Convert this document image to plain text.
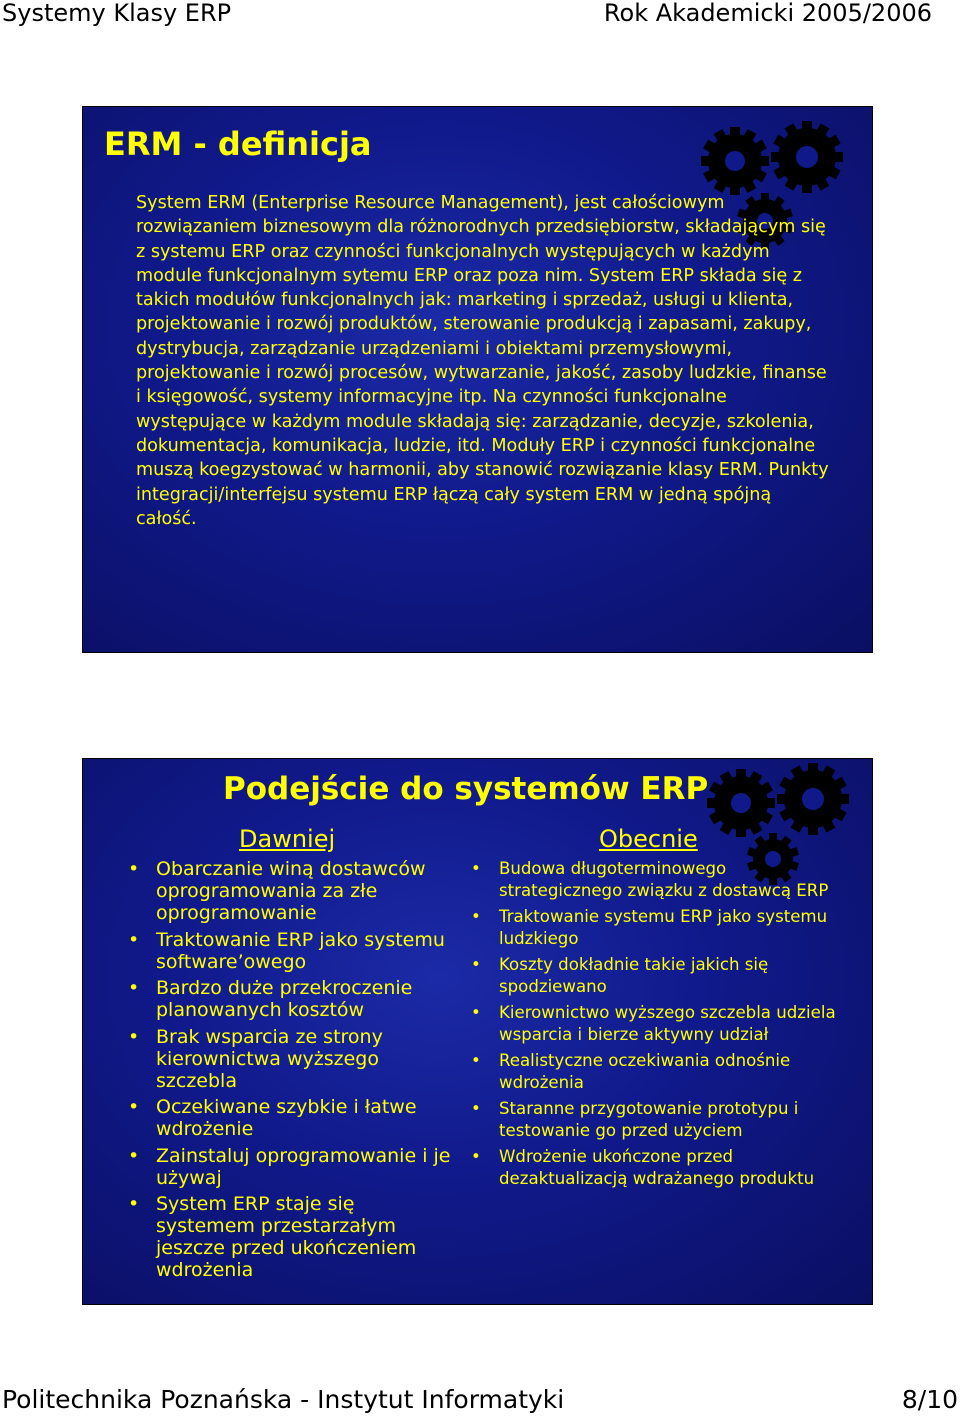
Systemy Klasy ERP	Rok Akademicki 2005/2006
ERM - definicja

System ERM (Enterprise Resource Management), jest całościowym rozwiązaniem biznesowym dla różnorodnych przedsiębiorstw, składającym się z systemu ERP oraz czynności funkcjonalnych występujących w każdym module funkcjonalnym sytemu ERP oraz poza nim. System ERP składa się z takich modułów funkcjonalnych jak: marketing i sprzedaż, usługi u klienta, projektowanie i rozwój produktów, sterowanie produkcją i zapasami, zakupy, dystrybucja, zarządzanie urządzeniami i obiektami przemysłowymi, projektowanie i rozwój procesów, wytwarzanie, jakość, zasoby ludzkie, finanse i księgowość, systemy informacyjne itp. Na czynności funkcjonalne występujące w każdym module składają się: zarządzanie, decyzje, szkolenia, dokumentacja, komunikacja, ludzie, itd. Moduły ERP i czynności funkcjonalne muszą koegzystować w harmonii, aby stanowić rozwiązanie klasy ERM. Punkty integracji/interfejsu systemu ERP łączą cały system ERM w jedną spójną całość.

Podejście do systemów ERP
Dawniej	Obecnie
• Obarczanie winą dostawców oprogramowania za złe oprogramowanie
• Traktowanie ERP jako systemu software’owego
• Bardzo duże przekroczenie planowanych kosztów
• Brak wsparcia ze strony kierownictwa wyższego szczebla
• Oczekiwane szybkie i łatwe wdrożenie
• Zainstaluj oprogramowanie i je używaj
• System ERP staje się systemem przestarzałym jeszcze przed ukończeniem wdrożenia
• Budowa długoterminowego strategicznego związku z dostawcą ERP
• Traktowanie systemu ERP jako systemu ludzkiego
• Koszty dokładnie takie jakich się spodziewano
• Kierownictwo wyższego szczebla udziela wsparcia i bierze aktywny udział
• Realistyczne oczekiwania odnośnie wdrożenia
• Staranne przygotowanie prototypu i testowanie go przed użyciem
• Wdrożenie ukończone przed dezaktualizacją wdrażanego produktu
Politechnika Poznańska - Instytut Informatyki	8/10
